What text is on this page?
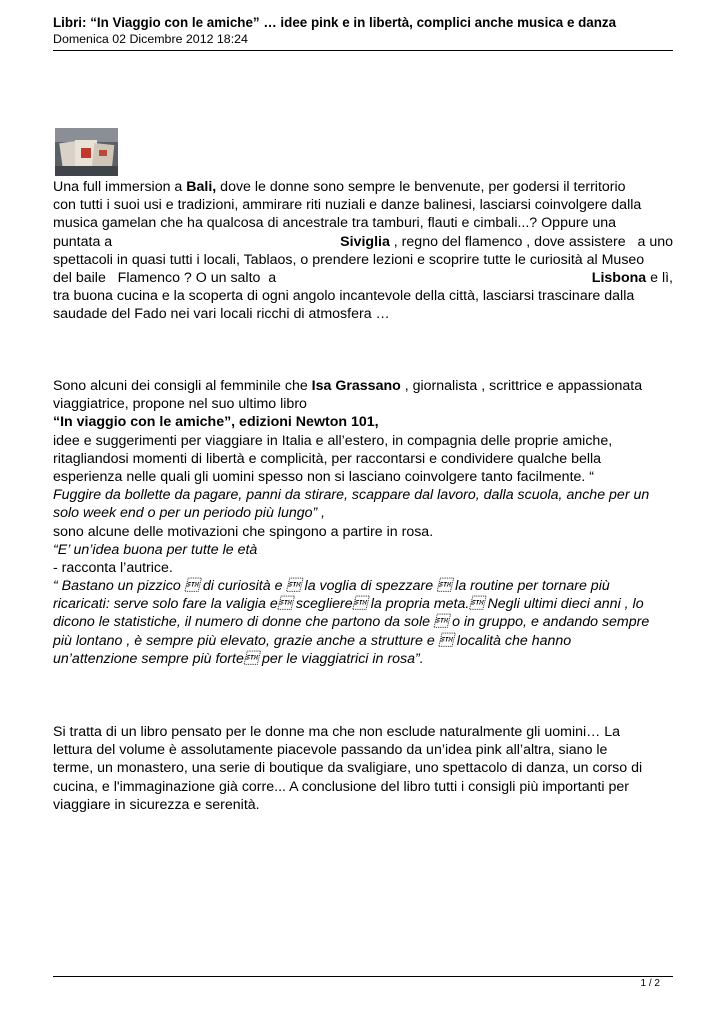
Libri: “In Viaggio con le amiche” … idee pink e in libertà, complici anche musica e danza
Domenica 02 Dicembre 2012 18:24
Una full immersion a Bali, dove le donne sono sempre le benvenute, per godersi il territorio
con tutti i suoi usi e tradizioni, ammirare riti nuziali e danze balinesi, lasciarsi coinvolgere dalla
musica gamelan che ha qualcosa di ancestrale tra tamburi, flauti e cimbali...? Oppure una
puntata a	Siviglia , regno del flamenco , dove assistere   a uno
spettacoli in quasi tutti i locali, Tablaos, o prendere lezioni e scoprire tutte le curiosità al Museo
del baile   Flamenco ? O un salto  a	Lisbona e lì,
tra buona cucina e la scoperta di ogni angolo incantevole della città, lasciarsi trascinare dalla
saudade del Fado nei vari locali ricchi di atmosfera …
Sono alcuni dei consigli al femminile che Isa Grassano , giornalista , scrittrice e appassionata
viaggiatrice, propone nel suo ultimo libro
“In viaggio con le amiche”, edizioni Newton 101,
idee e suggerimenti per viaggiare in Italia e all’estero, in compagnia delle proprie amiche,
ritagliandosi momenti di libertà e complicità, per raccontarsi e condividere qualche bella
esperienza nelle quali gli uomini spesso non si lasciano coinvolgere tanto facilmente. “
Fuggire da bollette da pagare, panni da stirare, scappare dal lavoro, dalla scuola, anche per un
solo week end o per un periodo più lungo” ,
sono alcune delle motivazioni che spingono a partire in rosa.
“E’ un’idea buona per tutte le età
- racconta l’autrice.
“ Bastano un pizzico  di curiosità e  la voglia di spezzare  la routine per tornare più
ricaricati: serve solo fare la valigia e scegliere la propria meta. Negli ultimi dieci anni , lo
dicono le statistiche, il numero di donne che partono da sole  o in gruppo, e andando sempre
più lontano , è sempre più elevato, grazie anche a strutture e  località che hanno
un’attenzione sempre più forte per le viaggiatrici in rosa”.
Si tratta di un libro pensato per le donne ma che non esclude naturalmente gli uomini… La
lettura del volume è assolutamente piacevole passando da un’idea pink all’altra, siano le
terme, un monastero, una serie di boutique da svaligiare, uno spettacolo di danza, un corso di
cucina, e l'immaginazione già corre... A conclusione del libro tutti i consigli più importanti per
viaggiare in sicurezza e serenità.
1 / 2
